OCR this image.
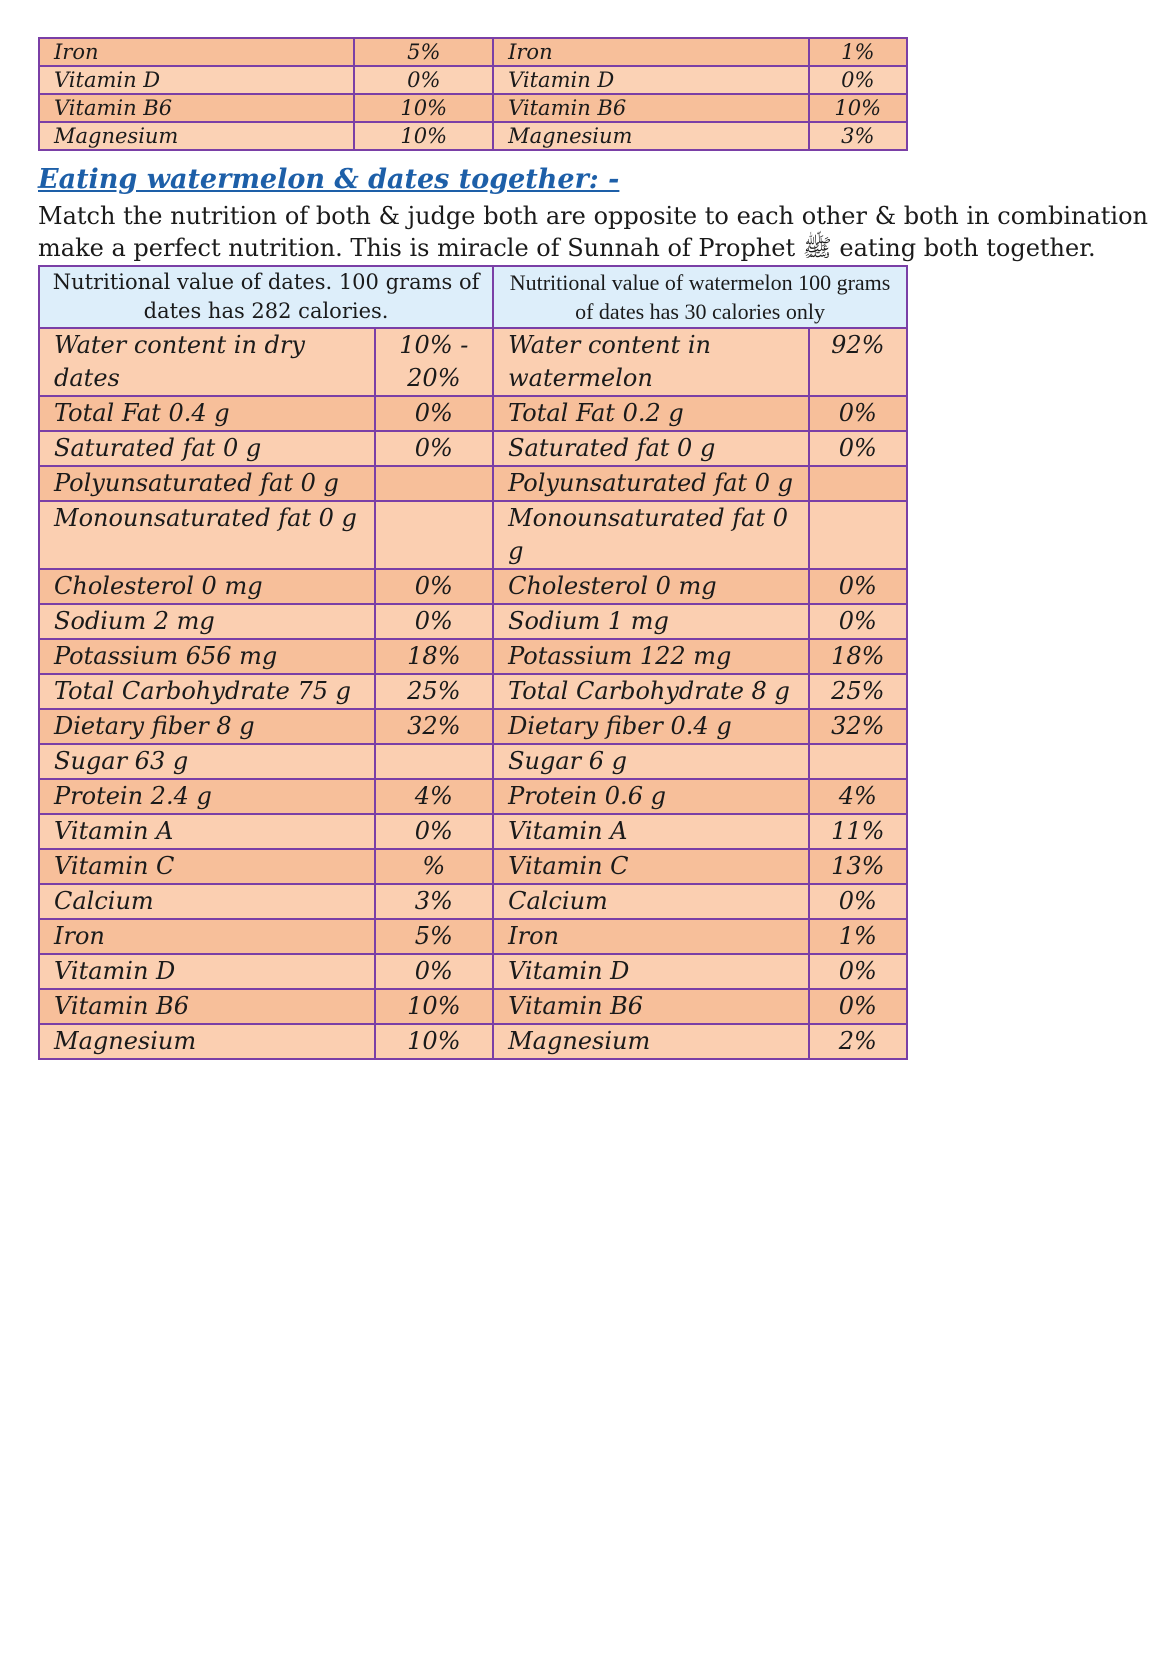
Iron	5%	Iron	1%
Vitamin D	0%	Vitamin D	0%
Vitamin B6	10%	Vitamin B6	10%
Magnesium	10%	Magnesium	3%
Eating watermelon & dates together: -

Match the nutrition of both & judge both are opposite to each other & both in combination
make a perfect nutrition. This is miracle of Sunnah of Prophet ﷺ eating both together.

Nutritional value of dates. 100 grams of dates has 282 calories.		Nutritional value of watermelon 100 grams of dates has 30 calories only	
Water content in dry dates	10% - 20%	Water content in watermelon	92%
Total Fat 0.4 g	0%	Total Fat 0.2 g	0%
Saturated fat 0 g	0%	Saturated fat 0 g	0%
Polyunsaturated fat 0 g		Polyunsaturated fat 0 g	
Monounsaturated fat 0 g		Monounsaturated fat 0 g	
Cholesterol 0 mg	0%	Cholesterol 0 mg	0%
Sodium 2 mg	0%	Sodium 1 mg	0%
Potassium 656 mg	18%	Potassium 122 mg	18%
Total Carbohydrate 75 g	25%	Total Carbohydrate 8 g	25%
Dietary fiber 8 g	32%	Dietary fiber 0.4 g	32%
Sugar 63 g		Sugar 6 g	
Protein 2.4 g	4%	Protein 0.6 g	4%
Vitamin A	0%	Vitamin A	11%
Vitamin C	%	Vitamin C	13%
Calcium	3%	Calcium	0%
Iron	5%	Iron	1%
Vitamin D	0%	Vitamin D	0%
Vitamin B6	10%	Vitamin B6	0%
Magnesium	10%	Magnesium	2%
